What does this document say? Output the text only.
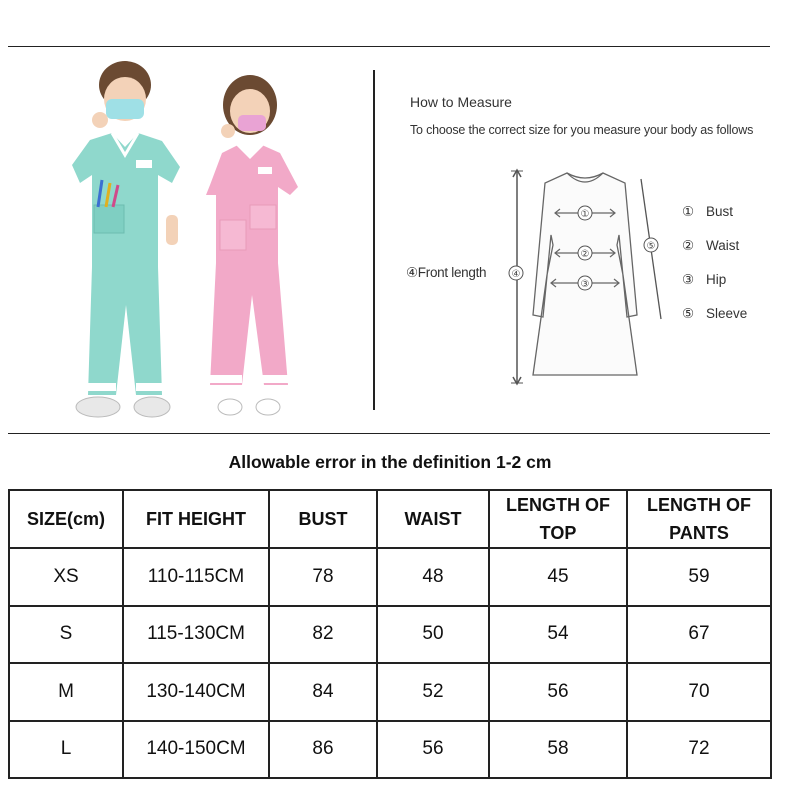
How to Measure
To choose the correct size for you measure your body as follows
④Front length	④
①
②
③
⑤
① Bust
② Waist
③ Hip
⑤ Sleeve
Allowable error in the definition 1-2 cm
SIZE(cm)	FIT HEIGHT	BUST	WAIST	LENGTH OF TOP	LENGTH OF PANTS
XS	110-115CM	78	48	45	59
S	115-130CM	82	50	54	67
M	130-140CM	84	52	56	70
L	140-150CM	86	56	58	72
